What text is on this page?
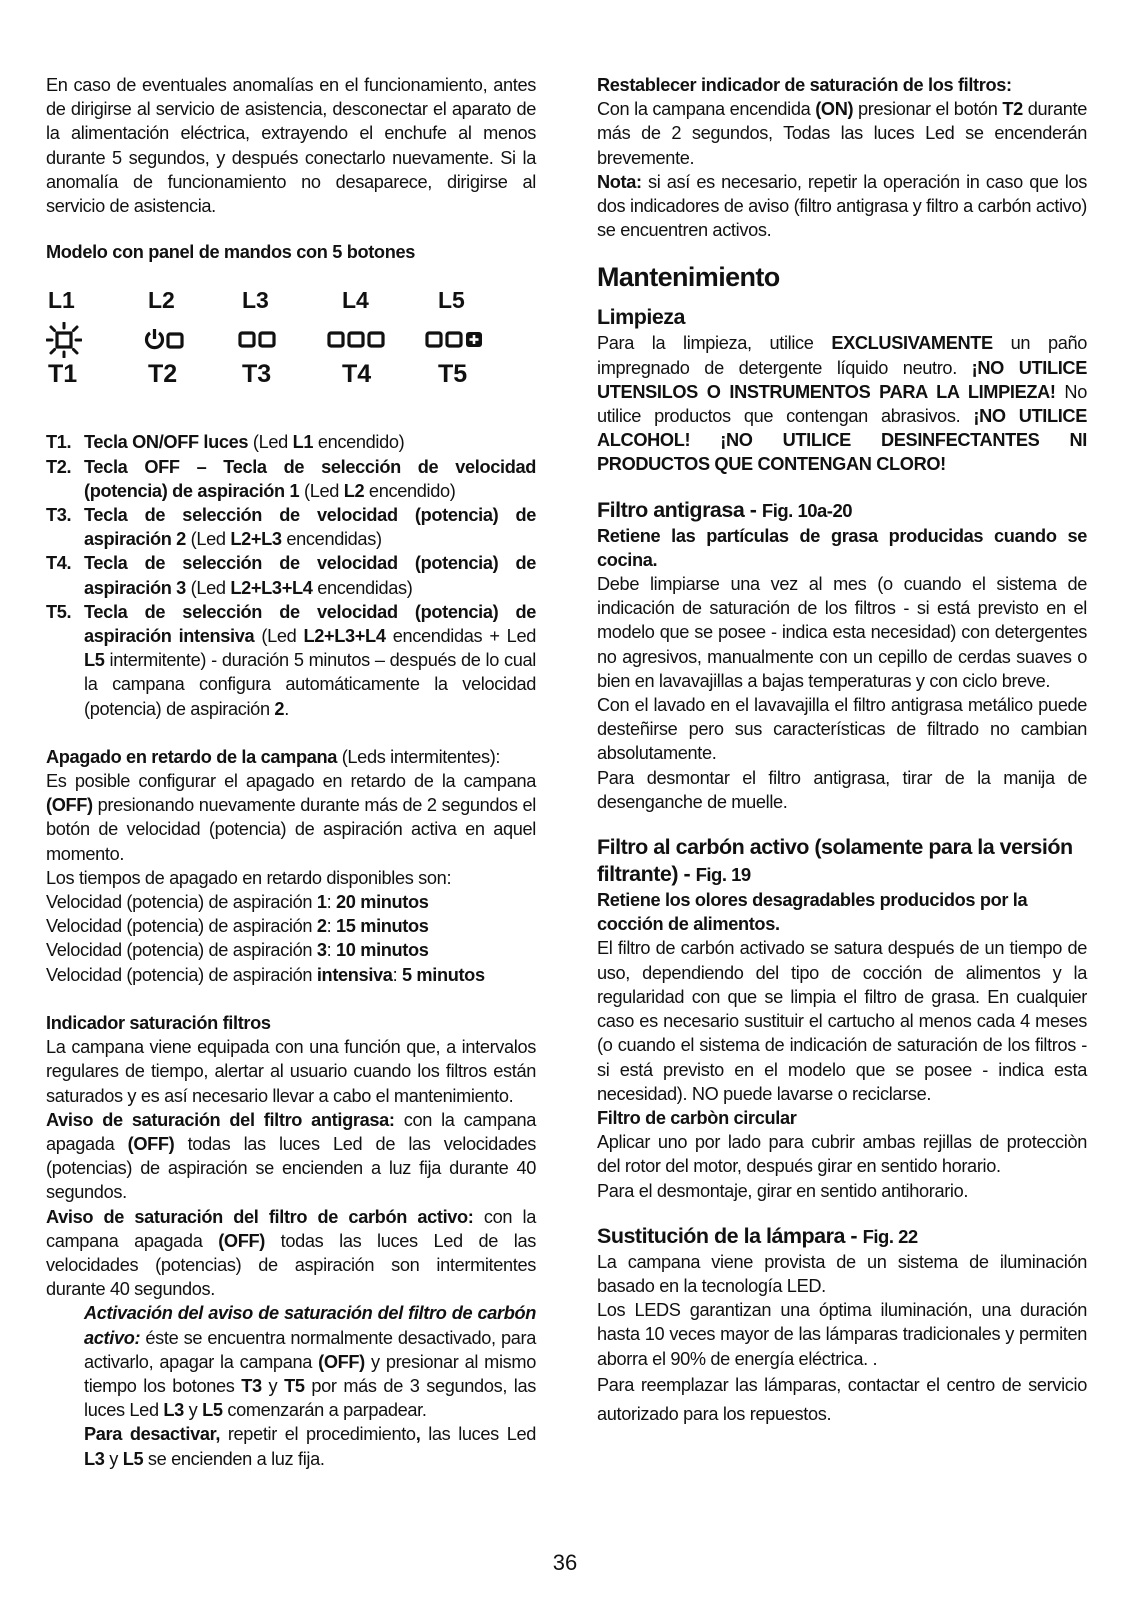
En caso de eventuales anomalías en el funcionamiento, antes de dirigirse al servicio de asistencia, desconectar el aparato de la alimentación eléctrica, extrayendo el enchufe al menos durante 5 segundos, y después conectarlo nuevamente. Si la anomalía de funcionamiento no desaparece, dirigirse al servicio de asistencia.

Modelo con panel de mandos con 5 botones

L1	L2	L3	L4	L5
T1	T2	T3	T4	T5
T1. Tecla ON/OFF luces (Led L1 encendido)
T2. Tecla OFF – Tecla de selección de velocidad (potencia) de aspiración 1 (Led L2 encendido)
T3. Tecla de selección de velocidad (potencia) de aspiración 2 (Led L2+L3 encendidas)
T4. Tecla de selección de velocidad (potencia) de aspiración 3 (Led L2+L3+L4 encendidas)
T5. Tecla de selección de velocidad (potencia) de aspiración intensiva (Led L2+L3+L4 encendidas + Led L5 intermitente) - duración 5 minutos – después de lo cual la campana configura automáticamente la velocidad (potencia) de aspiración 2.

Apagado en retardo de la campana (Leds intermitentes):
Es posible configurar el apagado en retardo de la campana (OFF) presionando nuevamente durante más de 2 segundos el botón de velocidad (potencia) de aspiración activa en aquel momento.

Los tiempos de apagado en retardo disponibles son:

Velocidad (potencia) de aspiración 1: 20 minutos

Velocidad (potencia) de aspiración 2: 15 minutos

Velocidad (potencia) de aspiración 3: 10 minutos

Velocidad (potencia) de aspiración intensiva: 5 minutos

Indicador saturación filtros

La campana viene equipada con una función que, a intervalos regulares de tiempo, alertar al usuario cuando los filtros están saturados y es así necesario llevar a cabo el mantenimiento.

Aviso de saturación del filtro antigrasa: con la campana apagada (OFF) todas las luces Led de las velocidades (potencias) de aspiración se encienden a luz fija durante 40 segundos.

Aviso de saturación del filtro de carbón activo: con la campana apagada (OFF) todas las luces Led de las velocidades (potencias) de aspiración son intermitentes durante 40 segundos.

Activación del aviso de saturación del filtro de carbón activo: éste se encuentra normalmente desactivado, para activarlo, apagar la campana (OFF) y presionar al mismo tiempo los botones T3 y T5 por más de 3 segundos, las luces Led L3 y L5 comenzarán a parpadear.

Para desactivar, repetir el procedimiento, las luces Led L3 y L5 se encienden a luz fija.

Restablecer indicador de saturación de los filtros:

Con la campana encendida (ON) presionar el botón T2 durante más de 2 segundos, Todas las luces Led se encenderán brevemente.

Nota: si así es necesario, repetir la operación in caso que los dos indicadores de aviso (filtro antigrasa y filtro a carbón activo) se encuentren activos.

Mantenimiento

Limpieza

Para la limpieza, utilice EXCLUSIVAMENTE un paño impregnado de detergente líquido neutro. ¡NO UTILICE UTENSILOS O INSTRUMENTOS PARA LA LIMPIEZA! No utilice productos que contengan abrasivos. ¡NO UTILICE ALCOHOL! ¡NO UTILICE DESINFECTANTES NI PRODUCTOS QUE CONTENGAN CLORO!

Filtro antigrasa - Fig. 10a-20

Retiene las partículas de grasa producidas cuando se cocina.

Debe limpiarse una vez al mes (o cuando el sistema de indicación de saturación de los filtros - si está previsto en el modelo que se posee - indica esta necesidad) con detergentes no agresivos, manualmente con un cepillo de cerdas suaves o bien en lavavajillas a bajas temperaturas y con ciclo breve.

Con el lavado en el lavavajilla el filtro antigrasa metálico puede desteñirse pero sus características de filtrado no cambian absolutamente.

Para desmontar el filtro antigrasa, tirar de la manija de desenganche de muelle.

Filtro al carbón activo (solamente para la versión filtrante) - Fig. 19

Retiene los olores desagradables producidos por la cocción de alimentos.

El filtro de carbón activado se satura después de un tiempo de uso, dependiendo del tipo de cocción de alimentos y la regularidad con que se limpia el filtro de grasa. En cualquier caso es necesario sustituir el cartucho al menos cada 4 meses (o cuando el sistema de indicación de saturación de los filtros - si está previsto en el modelo que se posee - indica esta necesidad). NO puede lavarse o reciclarse.

Filtro de carbòn circular

Aplicar uno por lado para cubrir ambas rejillas de protecciòn del rotor del motor, después girar en sentido horario.

Para el desmontaje, girar en sentido antihorario.

Sustitución de la lámpara - Fig. 22

La campana viene provista de un sistema de iluminación basado en la tecnología LED.

Los LEDS garantizan una óptima iluminación, una duración hasta 10 veces mayor de las lámparas tradicionales y permiten aborra el 90% de energía eléctrica. .

Para reemplazar las lámparas, contactar el centro de servicio autorizado para los repuestos.

36
